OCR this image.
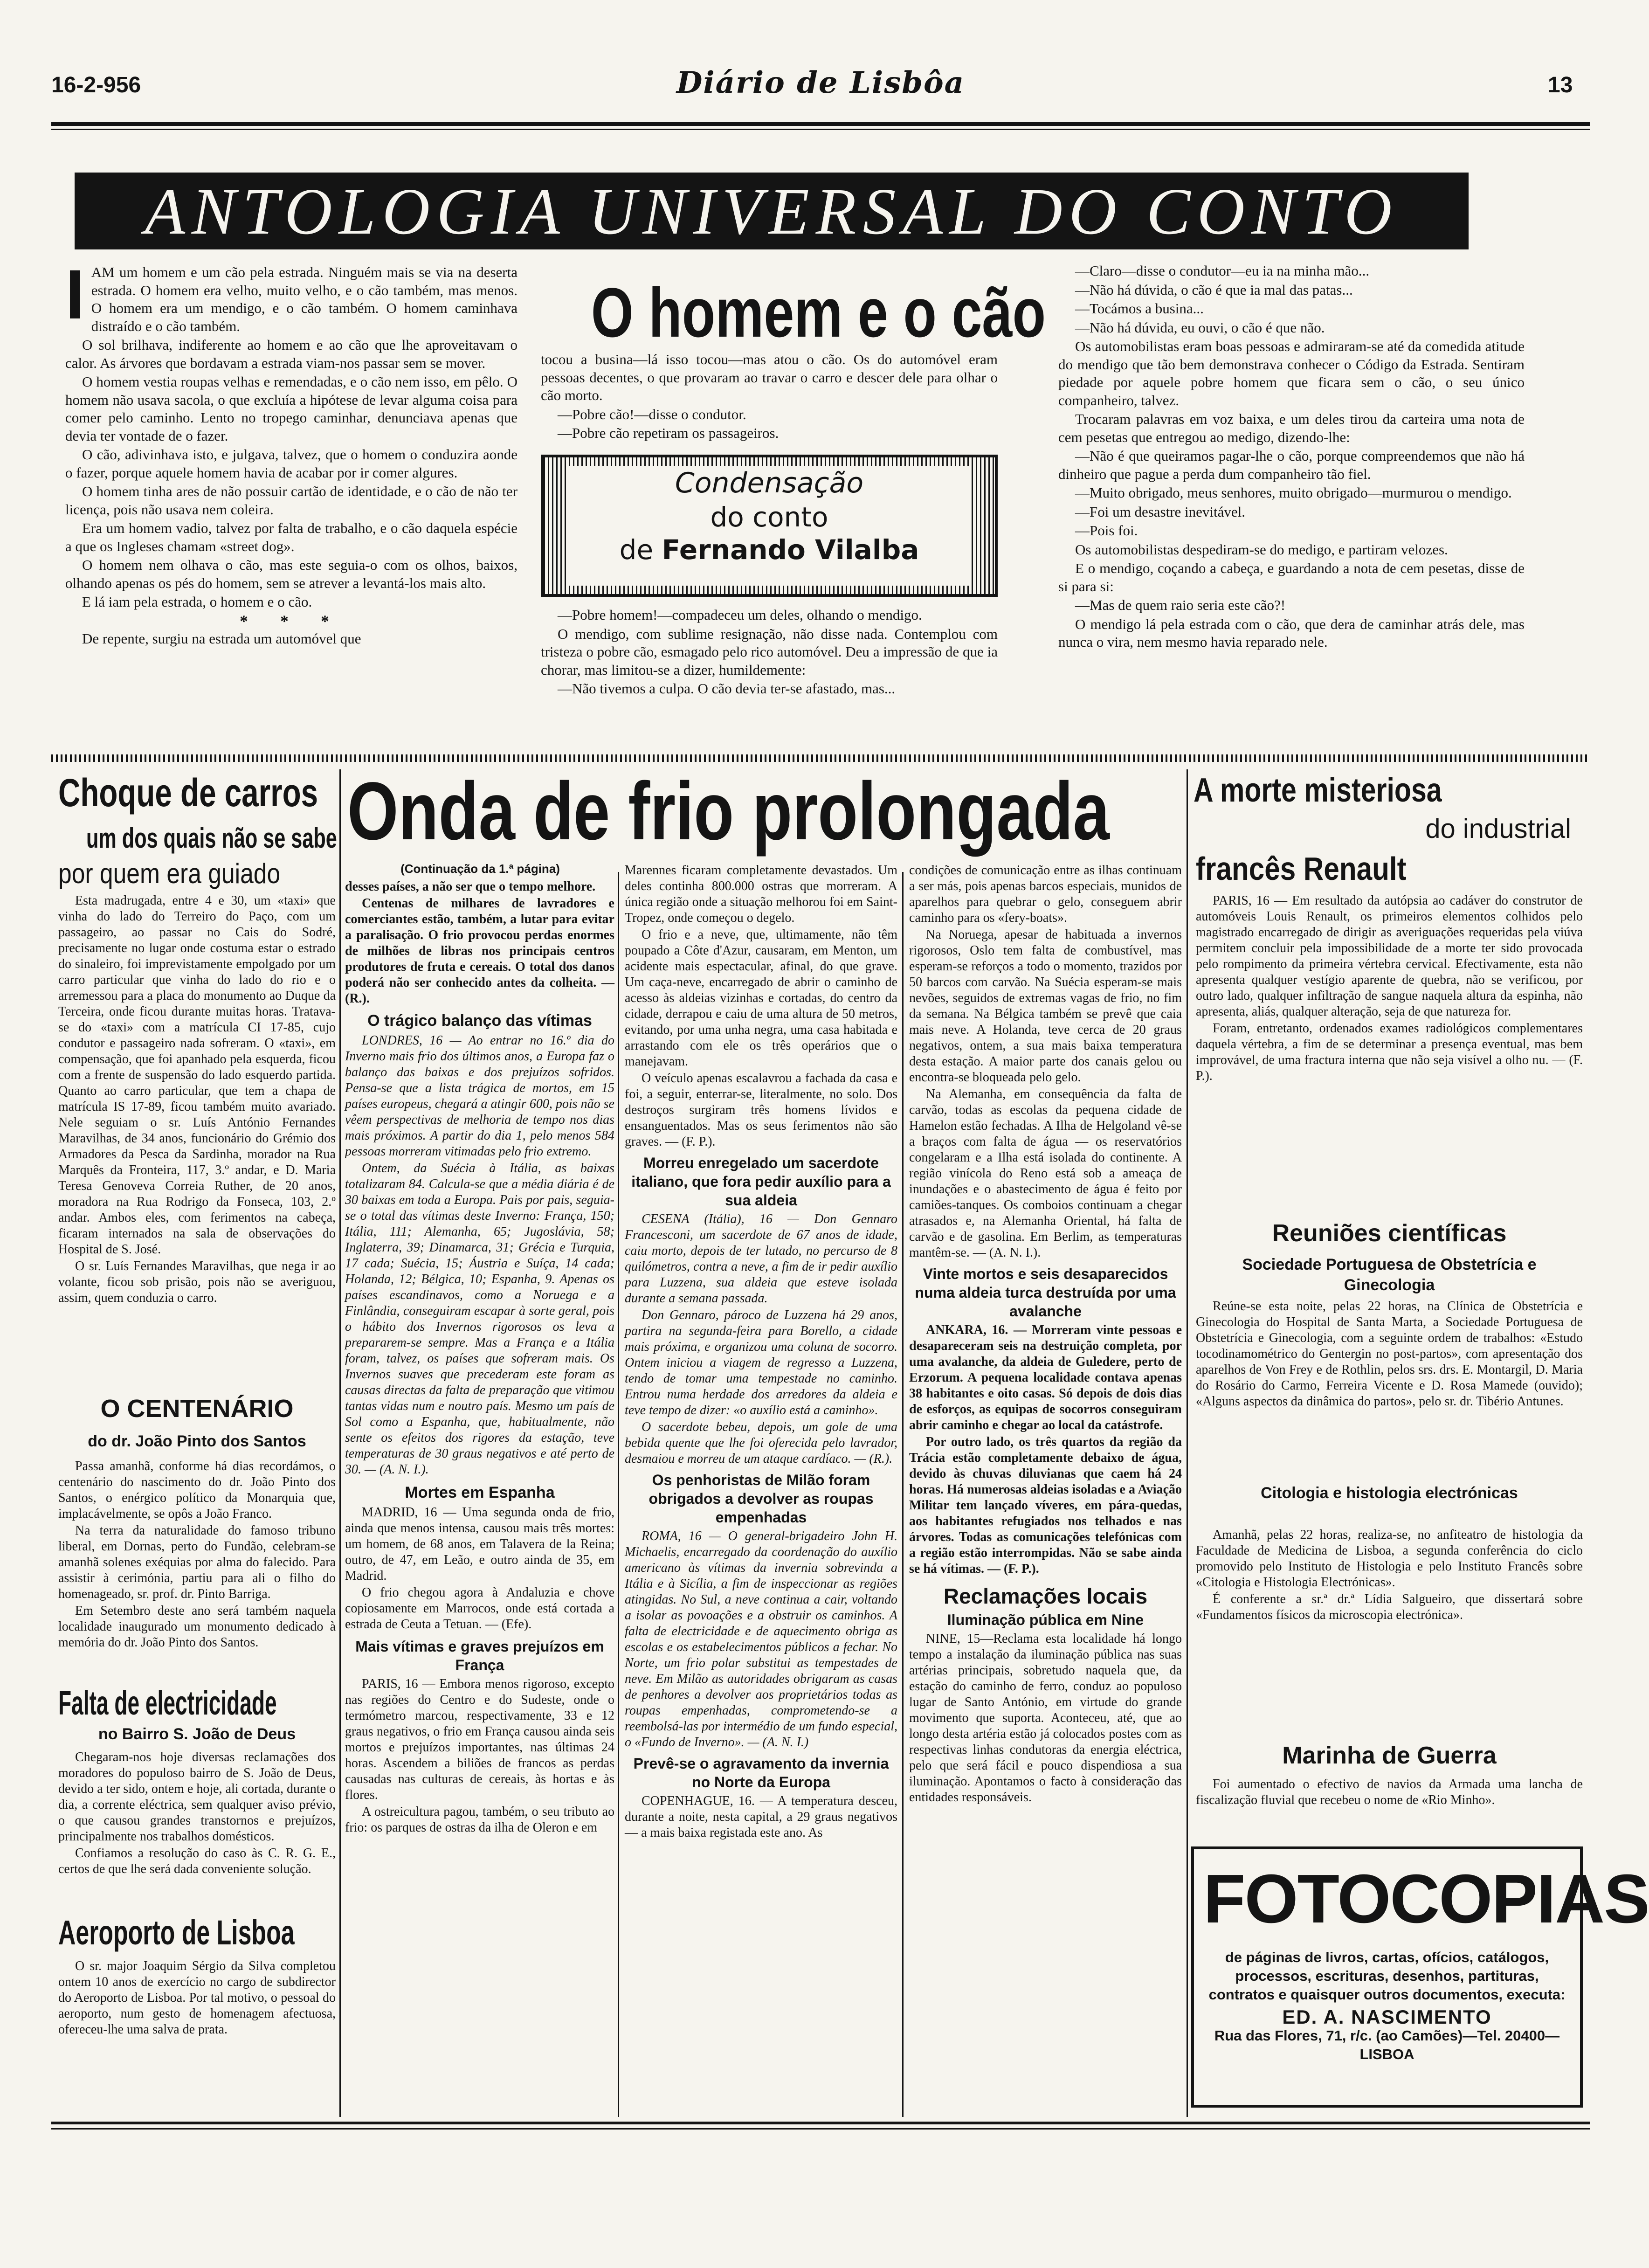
16-2-956	Diário de Lisbôa	13
ANTOLOGIA UNIVERSAL DO CONTO
I AM um homem e um cão pela estrada. Ninguém mais se via na deserta estrada. O homem era velho, muito velho, e o cão também, mas menos. O homem era um mendigo, e o cão também. O homem caminhava distraído e o cão também.

O sol brilhava, indiferente ao homem e ao cão que lhe aproveitavam o calor. As árvores que bordavam a estrada viam-nos passar sem se mover.

O homem vestia roupas velhas e remendadas, e o cão nem isso, em pêlo. O homem não usava sacola, o que excluía a hipótese de levar alguma coisa para comer pelo caminho. Lento no tropego caminhar, denunciava apenas que devia ter vontade de o fazer.

O cão, adivinhava isto, e julgava, talvez, que o homem o conduzira aonde o fazer, porque aquele homem havia de acabar por ir comer algures.

O homem tinha ares de não possuir cartão de identidade, e o cão de não ter licença, pois não usava nem coleira.

Era um homem vadio, talvez por falta de trabalho, e o cão daquela espécie a que os Ingleses chamam «street dog».

O homem nem olhava o cão, mas este seguia-o com os olhos, baixos, olhando apenas os pés do homem, sem se atrever a levantá-los mais alto.

E lá iam pela estrada, o homem e o cão.

* * *

De repente, surgiu na estrada um automóvel que

O homem e o cão

tocou a busina—lá isso tocou—mas atou o cão. Os do automóvel eram pessoas decentes, o que provaram ao travar o carro e descer dele para olhar o cão morto.

—Pobre cão!—disse o condutor.

—Pobre cão repetiram os passageiros.

Condensação
do conto
de Fernando Vilalba

—Pobre homem!—compadeceu um deles, olhando o mendigo.

O mendigo, com sublime resignação, não disse nada. Contemplou com tristeza o pobre cão, esmagado pelo rico automóvel. Deu a impressão de que ia chorar, mas limitou-se a dizer, humildemente:

—Não tivemos a culpa. O cão devia ter-se afastado, mas...

—Claro—disse o condutor—eu ia na minha mão...

—Não há dúvida, o cão é que ia mal das patas...

—Tocámos a busina...

—Não há dúvida, eu ouvi, o cão é que não.

Os automobilistas eram boas pessoas e admiraram-se até da comedida atitude do mendigo que tão bem demonstrava conhecer o Código da Estrada. Sentiram piedade por aquele pobre homem que ficara sem o cão, o seu único companheiro, talvez.

Trocaram palavras em voz baixa, e um deles tirou da carteira uma nota de cem pesetas que entregou ao medigo, dizendo-lhe:

—Não é que queiramos pagar-lhe o cão, porque compreendemos que não há dinheiro que pague a perda dum companheiro tão fiel.

—Muito obrigado, meus senhores, muito obrigado—murmurou o mendigo.

—Foi um desastre inevitável.

—Pois foi.

Os automobilistas despediram-se do medigo, e partiram velozes.

E o mendigo, coçando a cabeça, e guardando a nota de cem pesetas, disse de si para si:

—Mas de quem raio seria este cão?!

O mendigo lá pela estrada com o cão, que dera de caminhar atrás dele, mas nunca o vira, nem mesmo havia reparado nele.

Choque de carros
um dos quais não se sabe
por quem era guiado

Esta madrugada, entre 4 e 30, um «taxi» que vinha do lado do Terreiro do Paço, com um passageiro, ao passar no Cais do Sodré, precisamente no lugar onde costuma estar o estrado do sinaleiro, foi imprevistamente empolgado por um carro particular que vinha do lado do rio e o arremessou para a placa do monumento ao Duque da Terceira, onde ficou durante muitas horas. Tratava-se do «taxi» com a matrícula CI 17-85, cujo condutor e passageiro nada sofreram. O «taxi», em compensação, que foi apanhado pela esquerda, ficou com a frente de suspensão do lado esquerdo partida. Quanto ao carro particular, que tem a chapa de matrícula IS 17-89, ficou também muito avariado. Nele seguiam o sr. Luís António Fernandes Maravilhas, de 34 anos, funcionário do Grémio dos Armadores da Pesca da Sardinha, morador na Rua Marquês da Fronteira, 117, 3.º andar, e D. Maria Teresa Genoveva Correia Ruther, de 20 anos, moradora na Rua Rodrigo da Fonseca, 103, 2.º andar. Ambos eles, com ferimentos na cabeça, ficaram internados na sala de observações do Hospital de S. José.

O sr. Luís Fernandes Maravilhas, que nega ir ao volante, ficou sob prisão, pois não se averiguou, assim, quem conduzia o carro.

O CENTENÁRIO
do dr. João Pinto dos Santos

Passa amanhã, conforme há dias recordámos, o centenário do nascimento do dr. João Pinto dos Santos, o enérgico político da Monarquia que, implacávelmente, se opôs a João Franco.

Na terra da naturalidade do famoso tribuno liberal, em Dornas, perto do Fundão, celebram-se amanhã solenes exéquias por alma do falecido. Para assistir à cerimónia, partiu para ali o filho do homenageado, sr. prof. dr. Pinto Barriga.

Em Setembro deste ano será também naquela localidade inaugurado um monumento dedicado à memória do dr. João Pinto dos Santos.

Falta de electricidade
no Bairro S. João de Deus

Chegaram-nos hoje diversas reclamações dos moradores do populoso bairro de S. João de Deus, devido a ter sido, ontem e hoje, ali cortada, durante o dia, a corrente eléctrica, sem qualquer aviso prévio, o que causou grandes transtornos e prejuízos, principalmente nos trabalhos domésticos.

Confiamos a resolução do caso às C. R. G. E., certos de que lhe será dada conveniente solução.

Aeroporto de Lisboa

O sr. major Joaquim Sérgio da Silva completou ontem 10 anos de exercício no cargo de subdirector do Aeroporto de Lisboa. Por tal motivo, o pessoal do aeroporto, num gesto de homenagem afectuosa, ofereceu-lhe uma salva de prata.

Onda de frio prolongada
(Continuação da 1.ª página)

desses países, a não ser que o tempo melhore.

Centenas de milhares de lavradores e comerciantes estão, também, a lutar para evitar a paralisação. O frio provocou perdas enormes de milhões de libras nos principais centros produtores de fruta e cereais. O total dos danos poderá não ser conhecido antes da colheita. — (R.).

O trágico balanço das vítimas

LONDRES, 16 — Ao entrar no 16.º dia do Inverno mais frio dos últimos anos, a Europa faz o balanço das baixas e dos prejuízos sofridos. Pensa-se que a lista trágica de mortos, em 15 países europeus, chegará a atingir 600, pois não se vêem perspectivas de melhoria de tempo nos dias mais próximos. A partir do dia 1, pelo menos 584 pessoas morreram vitimadas pelo frio extremo.

Ontem, da Suécia à Itália, as baixas totalizaram 84. Calcula-se que a média diária é de 30 baixas em toda a Europa. Pais por pais, seguia-se o total das vítimas deste Inverno: França, 150; Itália, 111; Alemanha, 65; Jugoslávia, 58; Inglaterra, 39; Dinamarca, 31; Grécia e Turquia, 17 cada; Suécia, 15; Áustria e Suíça, 14 cada; Holanda, 12; Bélgica, 10; Espanha, 9. Apenas os países escandinavos, como a Noruega e a Finlândia, conseguiram escapar à sorte geral, pois o hábito dos Invernos rigorosos os leva a prepararem-se sempre. Mas a França e a Itália foram, talvez, os países que sofreram mais. Os Invernos suaves que precederam este foram as causas directas da falta de preparação que vitimou tantas vidas num e noutro país. Mesmo um país de Sol como a Espanha, que, habitualmente, não sente os efeitos dos rigores da estação, teve temperaturas de 30 graus negativos e até perto de 30. — (A. N. I.).

Mortes em Espanha

MADRID, 16 — Uma segunda onda de frio, ainda que menos intensa, causou mais três mortes: um homem, de 68 anos, em Talavera de la Reina; outro, de 47, em Leão, e outro ainda de 35, em Madrid.

O frio chegou agora à Andaluzia e chove copiosamente em Marrocos, onde está cortada a estrada de Ceuta a Tetuan. — (Efe).

Mais vítimas e graves prejuízos em França

PARIS, 16 — Embora menos rigoroso, excepto nas regiões do Centro e do Sudeste, onde o termómetro marcou, respectivamente, 33 e 12 graus negativos, o frio em França causou ainda seis mortos e prejuízos importantes, nas últimas 24 horas. Ascendem a biliões de francos as perdas causadas nas culturas de cereais, às hortas e às flores.

A ostreicultura pagou, também, o seu tributo ao frio: os parques de ostras da ilha de Oleron e em

Marennes ficaram completamente devastados. Um deles continha 800.000 ostras que morreram. A única região onde a situação melhorou foi em Saint-Tropez, onde começou o degelo.

O frio e a neve, que, ultimamente, não têm poupado a Côte d'Azur, causaram, em Menton, um acidente mais espectacular, afinal, do que grave. Um caça-neve, encarregado de abrir o caminho de acesso às aldeias vizinhas e cortadas, do centro da cidade, derrapou e caiu de uma altura de 50 metros, evitando, por uma unha negra, uma casa habitada e arrastando com ele os três operários que o manejavam.

O veículo apenas escalavrou a fachada da casa e foi, a seguir, enterrar-se, literalmente, no solo. Dos destroços surgiram três homens lívidos e ensanguentados. Mas os seus ferimentos não são graves. — (F. P.).

Morreu enregelado um sacerdote italiano, que fora pedir auxílio para a sua aldeia

CESENA (Itália), 16 — Don Gennaro Francesconi, um sacerdote de 67 anos de idade, caiu morto, depois de ter lutado, no percurso de 8 quilómetros, contra a neve, a fim de ir pedir auxílio para Luzzena, sua aldeia que esteve isolada durante a semana passada.

Don Gennaro, pároco de Luzzena há 29 anos, partira na segunda-feira para Borello, a cidade mais próxima, e organizou uma coluna de socorro. Ontem iniciou a viagem de regresso a Luzzena, tendo de tomar uma tempestade no caminho. Entrou numa herdade dos arredores da aldeia e teve tempo de dizer: «o auxílio está a caminho».

O sacerdote bebeu, depois, um gole de uma bebida quente que lhe foi oferecida pelo lavrador, desmaiou e morreu de um ataque cardíaco. — (R.).

Os penhoristas de Milão foram obrigados a devolver as roupas empenhadas

ROMA, 16 — O general-brigadeiro John H. Michaelis, encarregado da coordenação do auxílio americano às vítimas da invernia sobrevinda a Itália e à Sicília, a fim de inspeccionar as regiões atingidas. No Sul, a neve continua a cair, voltando a isolar as povoações e a obstruir os caminhos. A falta de electricidade e de aquecimento obriga as escolas e os estabelecimentos públicos a fechar. No Norte, um frio polar substitui as tempestades de neve. Em Milão as autoridades obrigaram as casas de penhores a devolver aos proprietários todas as roupas empenhadas, comprometendo-se a reembolsá-las por intermédio de um fundo especial, o «Fundo de Inverno». — (A. N. I.)

Prevê-se o agravamento da invernia no Norte da Europa

COPENHAGUE, 16. — A temperatura desceu, durante a noite, nesta capital, a 29 graus negativos — a mais baixa registada este ano. As

condições de comunicação entre as ilhas continuam a ser más, pois apenas barcos especiais, munidos de aparelhos para quebrar o gelo, conseguem abrir caminho para os «fery-boats».

Na Noruega, apesar de habituada a invernos rigorosos, Oslo tem falta de combustível, mas esperam-se reforços a todo o momento, trazidos por 50 barcos com carvão. Na Suécia esperam-se mais nevões, seguidos de extremas vagas de frio, no fim da semana. Na Bélgica também se prevê que caia mais neve. A Holanda, teve cerca de 20 graus negativos, ontem, a sua mais baixa temperatura desta estação. A maior parte dos canais gelou ou encontra-se bloqueada pelo gelo.

Na Alemanha, em consequência da falta de carvão, todas as escolas da pequena cidade de Hamelon estão fechadas. A Ilha de Helgoland vê-se a braços com falta de água — os reservatórios congelaram e a Ilha está isolada do continente. A região vinícola do Reno está sob a ameaça de inundações e o abastecimento de água é feito por camiões-tanques. Os comboios continuam a chegar atrasados e, na Alemanha Oriental, há falta de carvão e de gasolina. Em Berlim, as temperaturas mantêm-se. — (A. N. I.).

Vinte mortos e seis desaparecidos numa aldeia turca destruída por uma avalanche

ANKARA, 16. — Morreram vinte pessoas e desapareceram seis na destruição completa, por uma avalanche, da aldeia de Guledere, perto de Erzorum. A pequena localidade contava apenas 38 habitantes e oito casas. Só depois de dois dias de esforços, as equipas de socorros conseguiram abrir caminho e chegar ao local da catástrofe.

Por outro lado, os três quartos da região da Trácia estão completamente debaixo de água, devido às chuvas diluvianas que caem há 24 horas. Há numerosas aldeias isoladas e a Aviação Militar tem lançado víveres, em pára-quedas, aos habitantes refugiados nos telhados e nas árvores. Todas as comunicações telefónicas com a região estão interrompidas. Não se sabe ainda se há vítimas. — (F. P.).

Reclamações locais
Iluminação pública em Nine

NINE, 15—Reclama esta localidade há longo tempo a instalação da iluminação pública nas suas artérias principais, sobretudo naquela que, da estação do caminho de ferro, conduz ao populoso lugar de Santo António, em virtude do grande movimento que suporta. Aconteceu, até, que ao longo desta artéria estão já colocados postes com as respectivas linhas condutoras da energia eléctrica, pelo que será fácil e pouco dispendiosa a sua iluminação. Apontamos o facto à consideração das entidades responsáveis.

A morte misteriosa
do industrial
francês Renault

PARIS, 16 — Em resultado da autópsia ao cadáver do construtor de automóveis Louis Renault, os primeiros elementos colhidos pelo magistrado encarregado de dirigir as averiguações requeridas pela viúva permitem concluir pela impossibilidade de a morte ter sido provocada pelo rompimento da primeira vértebra cervical. Efectivamente, esta não apresenta qualquer vestígio aparente de quebra, não se verificou, por outro lado, qualquer infiltração de sangue naquela altura da espinha, não apresenta, aliás, qualquer alteração, seja de que natureza for.

Foram, entretanto, ordenados exames radiológicos complementares daquela vértebra, a fim de se determinar a presença eventual, mas bem improvável, de uma fractura interna que não seja visível a olho nu. — (F. P.).

Reuniões científicas
Sociedade Portuguesa de Obstetrícia e Ginecologia

Reúne-se esta noite, pelas 22 horas, na Clínica de Obstetrícia e Ginecologia do Hospital de Santa Marta, a Sociedade Portuguesa de Obstetrícia e Ginecologia, com a seguinte ordem de trabalhos: «Estudo tocodinamométrico do Gentergin no post-partos», com apresentação dos aparelhos de Von Frey e de Rothlin, pelos srs. drs. E. Montargil, D. Maria do Rosário do Carmo, Ferreira Vicente e D. Rosa Mamede (ouvido); «Alguns aspectos da dinâmica do partos», pelo sr. dr. Tibério Antunes.

Citologia e histologia electrónicas

Amanhã, pelas 22 horas, realiza-se, no anfiteatro de histologia da Faculdade de Medicina de Lisboa, a segunda conferência do ciclo promovido pelo Instituto de Histologia e pelo Instituto Francês sobre «Citologia e Histologia Electrónicas».

É conferente a sr.ª dr.ª Lídia Salgueiro, que dissertará sobre «Fundamentos físicos da microscopia electrónica».

Marinha de Guerra

Foi aumentado o efectivo de navios da Armada uma lancha de fiscalização fluvial que recebeu o nome de «Rio Minho».

FOTOCOPIAS
de páginas de livros, cartas, ofícios, catálogos, processos, escrituras, desenhos, partituras, contratos e quaisquer outros documentos, executa:
ED. A. NASCIMENTO
Rua das Flores, 71, r/c. (ao Camões)—Tel. 20400—LISBOA
